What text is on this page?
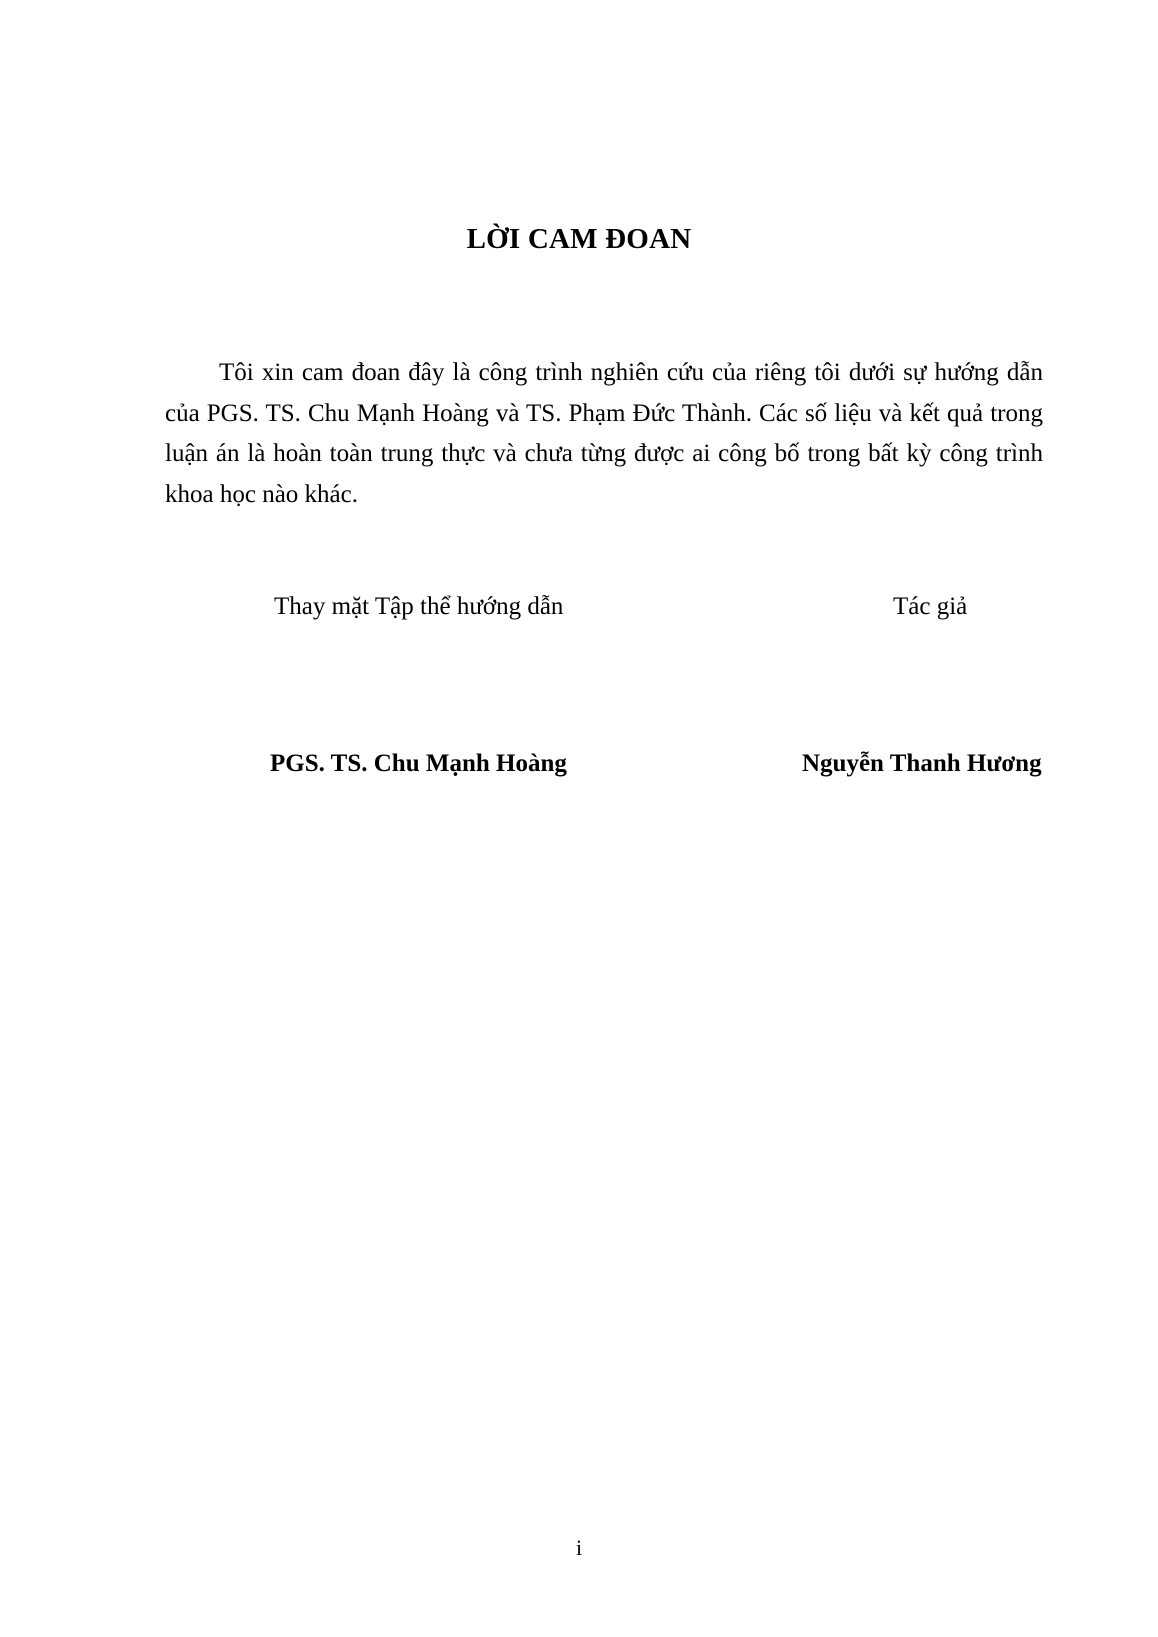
LỜI CAM ĐOAN

Tôi xin cam đoan đây là công trình nghiên cứu của riêng tôi dưới sự hướng dẫn của PGS. TS. Chu Mạnh Hoàng và TS. Phạm Đức Thành. Các số liệu và kết quả trong luận án là hoàn toàn trung thực và chưa từng được ai công bố trong bất kỳ công trình khoa học nào khác.

Thay mặt Tập thể hướng dẫn	Tác giả
PGS. TS. Chu Mạnh Hoàng	Nguyễn Thanh Hương
i
